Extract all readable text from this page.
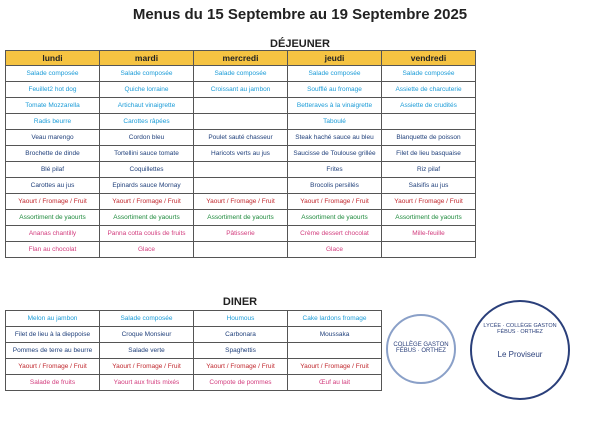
Menus du 15 Septembre au 19 Septembre 2025
DÉJEUNER
lundi	mardi	mercredi	jeudi	vendredi
Salade composée	Salade composée	Salade composée	Salade composée	Salade composée
Feuillet2 hot dog	Quiche lorraine	Croissant au jambon	Soufflé au fromage	Assiette de charcuterie
Tomate Mozzarella	Artichaut vinaigrette		Betteraves à la vinaigrette	Assiette de crudités
Radis beurre	Carottes râpées		Taboulé	
Veau marengo	Cordon bleu	Poulet sauté chasseur	Steak haché sauce au bleu	Blanquette de poisson
Brochette de dinde	Tortellini sauce tomate	Haricots verts au jus	Saucisse de Toulouse grillée	Filet de lieu basquaise
Blé pilaf	Coquillettes		Frites	Riz pilaf
Carottes au jus	Epinards sauce Mornay		Brocolis persillés	Salsifis au jus
Yaourt / Fromage / Fruit	Yaourt / Fromage / Fruit	Yaourt / Fromage / Fruit	Yaourt / Fromage / Fruit	Yaourt / Fromage / Fruit
Assortiment de yaourts	Assortiment de yaourts	Assortiment de yaourts	Assortiment de yaourts	Assortiment de yaourts
Ananas chantilly	Panna cotta coulis de fruits	Pâtisserie	Crème dessert chocolat	Mille-feuille
Flan au chocolat	Glace		Glace	
DINER
Melon au jambon	Salade composée	Houmous	Cake lardons fromage
Filet de lieu à la dieppoise	Croque Monsieur	Carbonara	Moussaka
Pommes de terre au beurre	Salade verte	Spaghettis	
Yaourt / Fromage / Fruit	Yaourt / Fromage / Fruit	Yaourt / Fromage / Fruit	Yaourt / Fromage / Fruit
Salade de fruits	Yaourt aux fruits mixés	Compote de pommes	Œuf au lait
COLLÈGE GASTON FÉBUS · ORTHEZ
LYCÉE · COLLÈGE GASTON FÉBUS · ORTHEZ
Le Proviseur
